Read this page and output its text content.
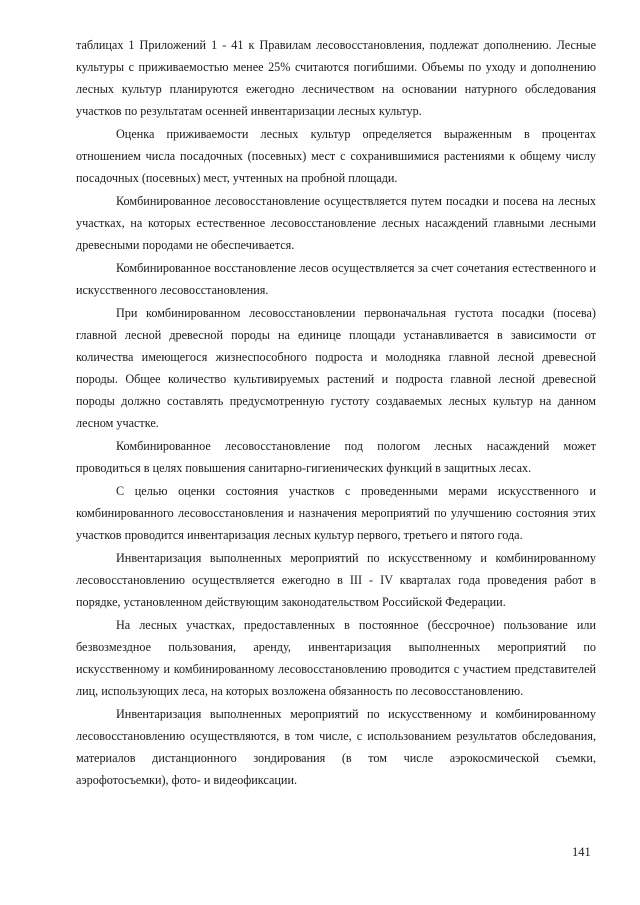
таблицах 1 Приложений 1 - 41 к Правилам лесовосстановления, подлежат дополнению. Лесные культуры с приживаемостью менее 25% считаются погибшими. Объемы по уходу и дополнению лесных культур планируются ежегодно лесничеством на основании натурного обследования участков по результатам осенней инвентаризации лесных культур.

Оценка приживаемости лесных культур определяется выраженным в процентах отношением числа посадочных (посевных) мест с сохранившимися растениями к общему числу посадочных (посевных) мест, учтенных на пробной площади.

Комбинированное лесовосстановление осуществляется путем посадки и посева на лесных участках, на которых естественное лесовосстановление лесных насаждений главными лесными древесными породами не обеспечивается.

Комбинированное восстановление лесов осуществляется за счет сочетания естественного и искусственного лесовосстановления.

При комбинированном лесовосстановлении первоначальная густота посадки (посева) главной лесной древесной породы на единице площади устанавливается в зависимости от количества имеющегося жизнеспособного подроста и молодняка главной лесной древесной породы. Общее количество культивируемых растений и подроста главной лесной древесной породы должно составлять предусмотренную густоту создаваемых лесных культур на данном лесном участке.

Комбинированное лесовосстановление под пологом лесных насаждений может проводиться в целях повышения санитарно-гигиенических функций в защитных лесах.

С целью оценки состояния участков с проведенными мерами искусственного и комбинированного лесовосстановления и назначения мероприятий по улучшению состояния этих участков проводится инвентаризация лесных культур первого, третьего и пятого года.

Инвентаризация выполненных мероприятий по искусственному и комбинированному лесовосстановлению осуществляется ежегодно в III - IV кварталах года проведения работ в порядке, установленном действующим законодательством Российской Федерации.

На лесных участках, предоставленных в постоянное (бессрочное) пользование или безвозмездное пользования, аренду, инвентаризация выполненных мероприятий по искусственному и комбинированному лесовосстановлению проводится с участием представителей лиц, использующих леса, на которых возложена обязанность по лесовосстановлению.

Инвентаризация выполненных мероприятий по искусственному и комбинированному лесовосстановлению осуществляются, в том числе, с использованием результатов обследования, материалов дистанционного зондирования (в том числе аэрокосмической съемки, аэрофотосъемки), фото- и видеофиксации.

141
